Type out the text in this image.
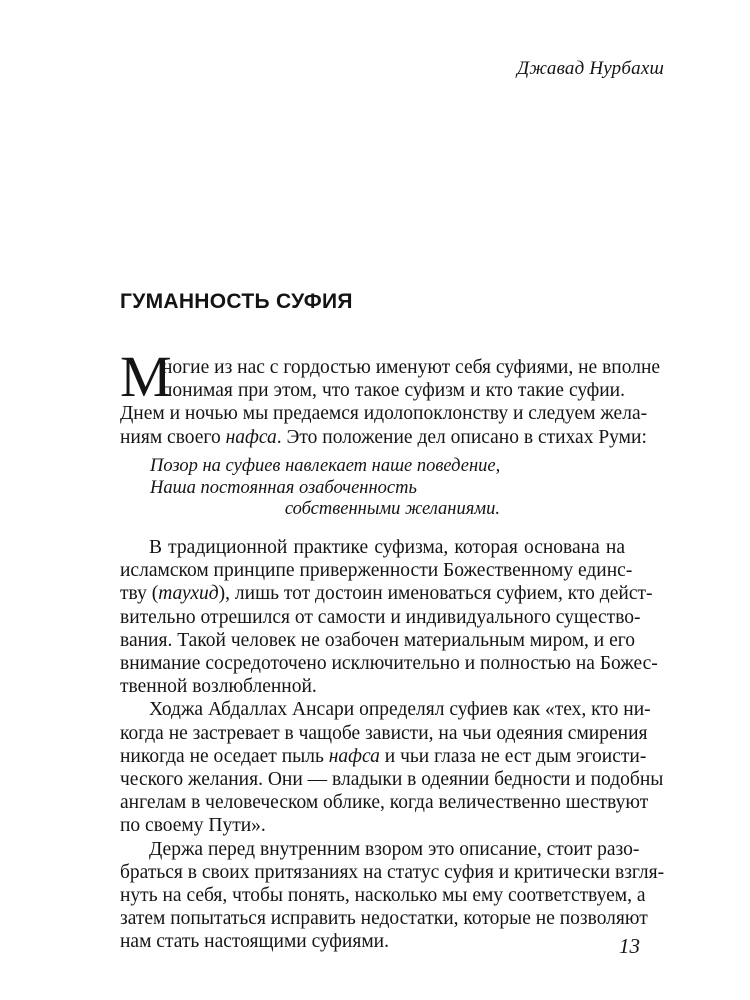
Джавад Нурбахш
ГУМАННОСТЬ СУФИЯ
М
ногие из нас с гордостью именуют себя суфиями, не вполне
понимая при этом, что такое суфизм и кто такие суфии.
Днем и ночью мы предаемся идолопоклонству и следуем жела-
ниям своего нафса. Это положение дел описано в стихах Руми:
Позор на суфиев навлекает наше поведение,
Наша постоянная озабоченность
собственными желаниями.
В традиционной практике суфизма, которая основана на
исламском принципе приверженности Божественному единс-
тву (таухид), лишь тот достоин именоваться суфием, кто дейст-
вительно отрешился от самости и индивидуального существо-
вания. Такой человек не озабочен материальным миром, и его
внимание сосредоточено исключительно и полностью на Божес-
твенной возлюбленной.
Ходжа Абдаллах Ансари определял суфиев как «тех, кто ни-
когда не застревает в чащобе зависти, на чьи одеяния смирения
никогда не оседает пыль нафса и чьи глаза не ест дым эгоисти-
ческого желания. Они — владыки в одеянии бедности и подобны
ангелам в человеческом облике, когда величественно шествуют
по своему Пути».
Держа перед внутренним взором это описание, стоит разо-
браться в своих притязаниях на статус суфия и критически взгля-
нуть на себя, чтобы понять, насколько мы ему соответствуем, а
затем попытаться исправить недостатки, которые не позволяют
нам стать настоящими суфиями.	13
